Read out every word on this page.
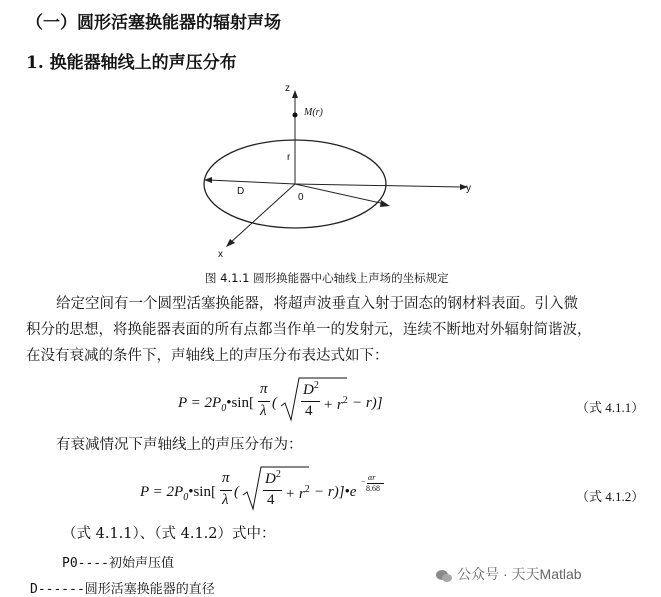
（一）圆形活塞换能器的辐射声场
1. 换能器轴线上的声压分布
z
y
x
M(r)
r
D
0
图 4.1.1 圆形换能器中心轴线上声场的坐标规定
给定空间有一个圆型活塞换能器，将超声波垂直入射于固态的钢材料表面。引入微
积分的思想，将换能器表面的所有点都当作单一的发射元，连续不断地对外辐射简谐波，
在没有衰减的条件下，声轴线上的声压分布表达式如下：
$P = 2P_0•\sin$[
π
λ (
$D^2$
$4 + r^2 - r$)]	（式 4.1.1）
有衰减情况下声轴线上的声压分布为：
$P = 2P_0•\sin$[
π
λ (
$D^2$
$4 + r^2$ − r)]•e
− αr
8.68
（式 4.1.2）
（式 4.1.1）、（式 4.1.2）式中：
P0----初始声压值
D------圆形活塞换能器的直径
公众号 · 天天Matlab
